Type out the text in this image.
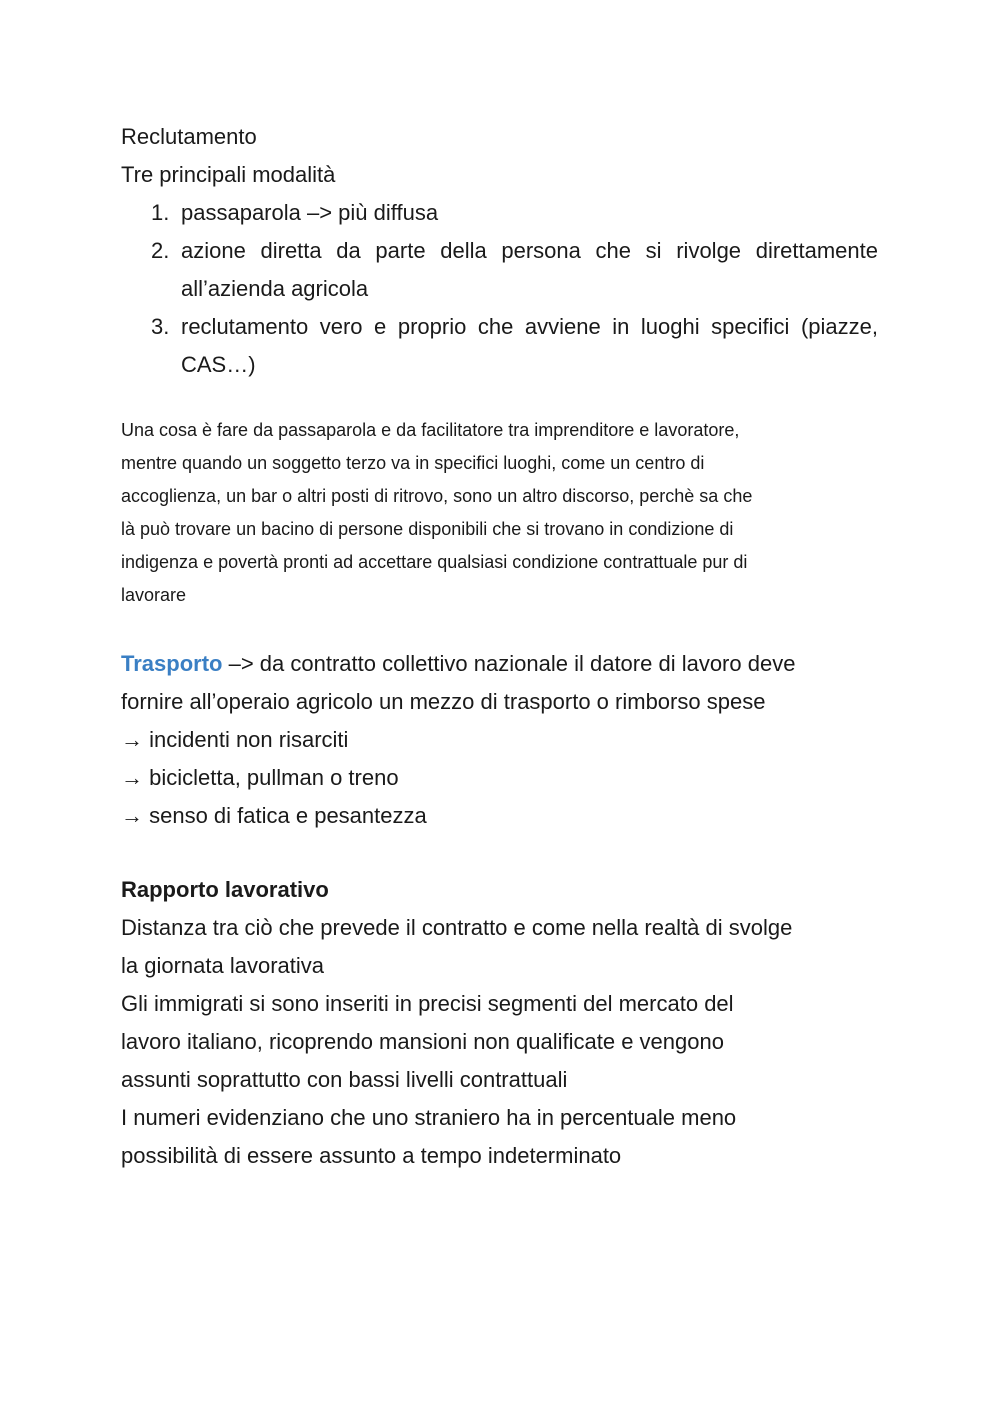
Reclutamento
Tre principali modalità
1. passaparola –> più diffusa
2. azione diretta da parte della persona che si rivolge direttamente all’azienda agricola
3. reclutamento vero e proprio che avviene in luoghi specifici (piazze, CAS…)
Una cosa è fare da passaparola e da facilitatore tra imprenditore e lavoratore,
mentre quando un soggetto terzo va in specifici luoghi, come un centro di
accoglienza, un bar o altri posti di ritrovo, sono un altro discorso, perchè sa che
là può trovare un bacino di persone disponibili che si trovano in condizione di
indigenza e povertà pronti ad accettare qualsiasi condizione contrattuale pur di
lavorare
Trasporto –> da contratto collettivo nazionale il datore di lavoro deve
fornire all’operaio agricolo un mezzo di trasporto o rimborso spese
→ incidenti non risarciti
→ bicicletta, pullman o treno
→ senso di fatica e pesantezza
Rapporto lavorativo
Distanza tra ciò che prevede il contratto e come nella realtà di svolge
la giornata lavorativa
Gli immigrati si sono inseriti in precisi segmenti del mercato del
lavoro italiano, ricoprendo mansioni non qualificate e vengono
assunti soprattutto con bassi livelli contrattuali
I numeri evidenziano che uno straniero ha in percentuale meno
possibilità di essere assunto a tempo indeterminato
